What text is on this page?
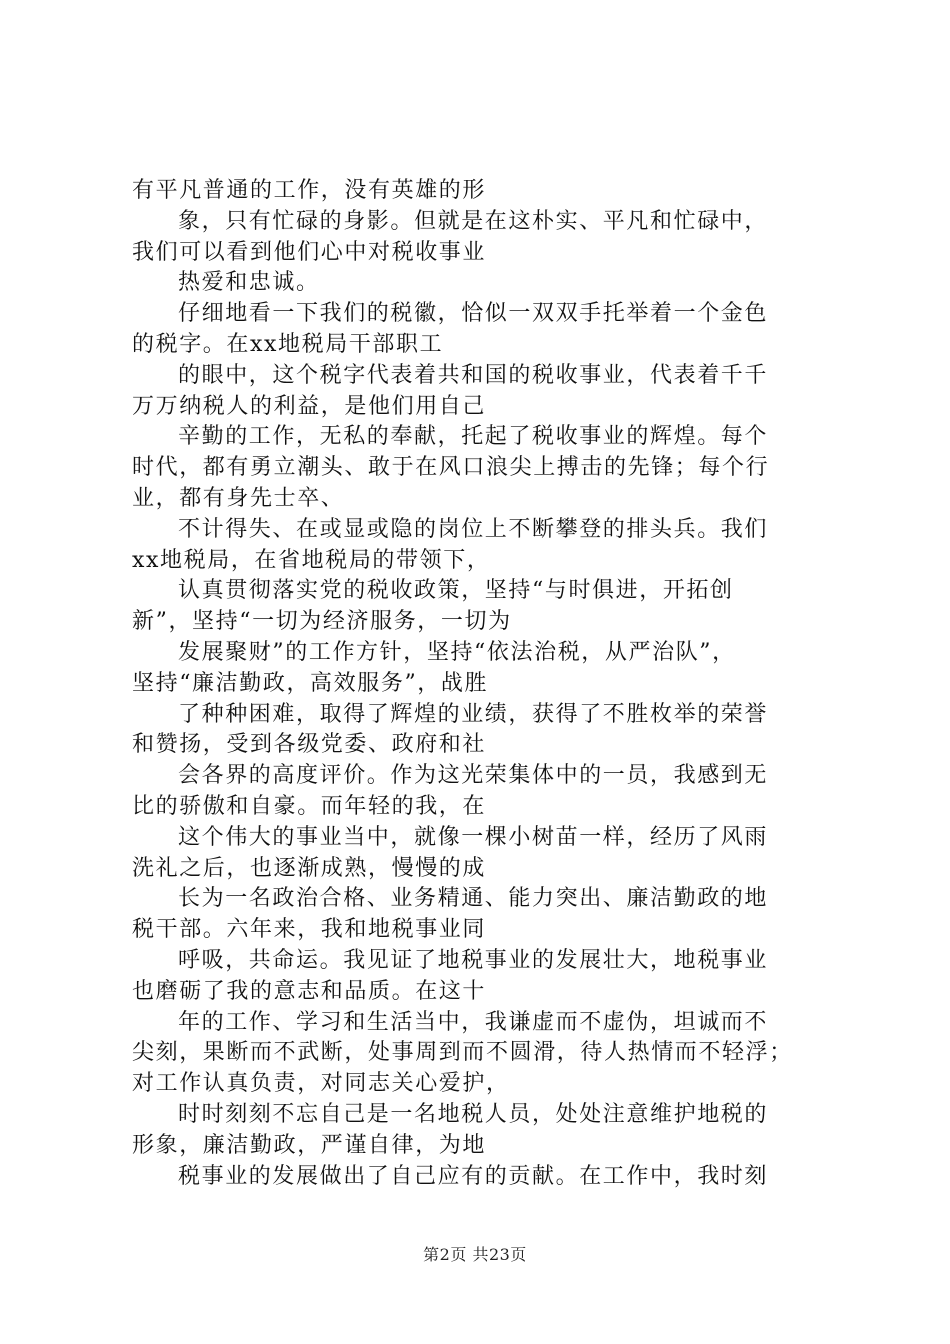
有平凡普通的工作，没有英雄的形
象，只有忙碌的身影。但就是在这朴实、平凡和忙碌中，
我们可以看到他们心中对税收事业
热爱和忠诚。
仔细地看一下我们的税徽，恰似一双双手托举着一个金色
的税字。在xx地税局干部职工
的眼中，这个税字代表着共和国的税收事业，代表着千千
万万纳税人的利益，是他们用自己
辛勤的工作，无私的奉献，托起了税收事业的辉煌。每个
时代，都有勇立潮头、敢于在风口浪尖上搏击的先锋；每个行
业，都有身先士卒、
不计得失、在或显或隐的岗位上不断攀登的排头兵。我们
xx地税局，在省地税局的带领下，
认真贯彻落实党的税收政策，坚持“与时俱进，开拓创
新”，坚持“一切为经济服务，一切为
发展聚财”的工作方针，坚持“依法治税，从严治队”，
坚持“廉洁勤政，高效服务”，战胜
了种种困难，取得了辉煌的业绩，获得了不胜枚举的荣誉
和赞扬，受到各级党委、政府和社
会各界的高度评价。作为这光荣集体中的一员，我感到无
比的骄傲和自豪。而年轻的我，在
这个伟大的事业当中，就像一棵小树苗一样，经历了风雨
洗礼之后，也逐渐成熟，慢慢的成
长为一名政治合格、业务精通、能力突出、廉洁勤政的地
税干部。六年来，我和地税事业同
呼吸，共命运。我见证了地税事业的发展壮大，地税事业
也磨砺了我的意志和品质。在这十
年的工作、学习和生活当中，我谦虚而不虚伪，坦诚而不
尖刻，果断而不武断，处事周到而不圆滑，待人热情而不轻浮；
对工作认真负责，对同志关心爱护，
时时刻刻不忘自己是一名地税人员，处处注意维护地税的
形象，廉洁勤政，严谨自律，为地
税事业的发展做出了自己应有的贡献。在工作中，我时刻
第2页 共23页
